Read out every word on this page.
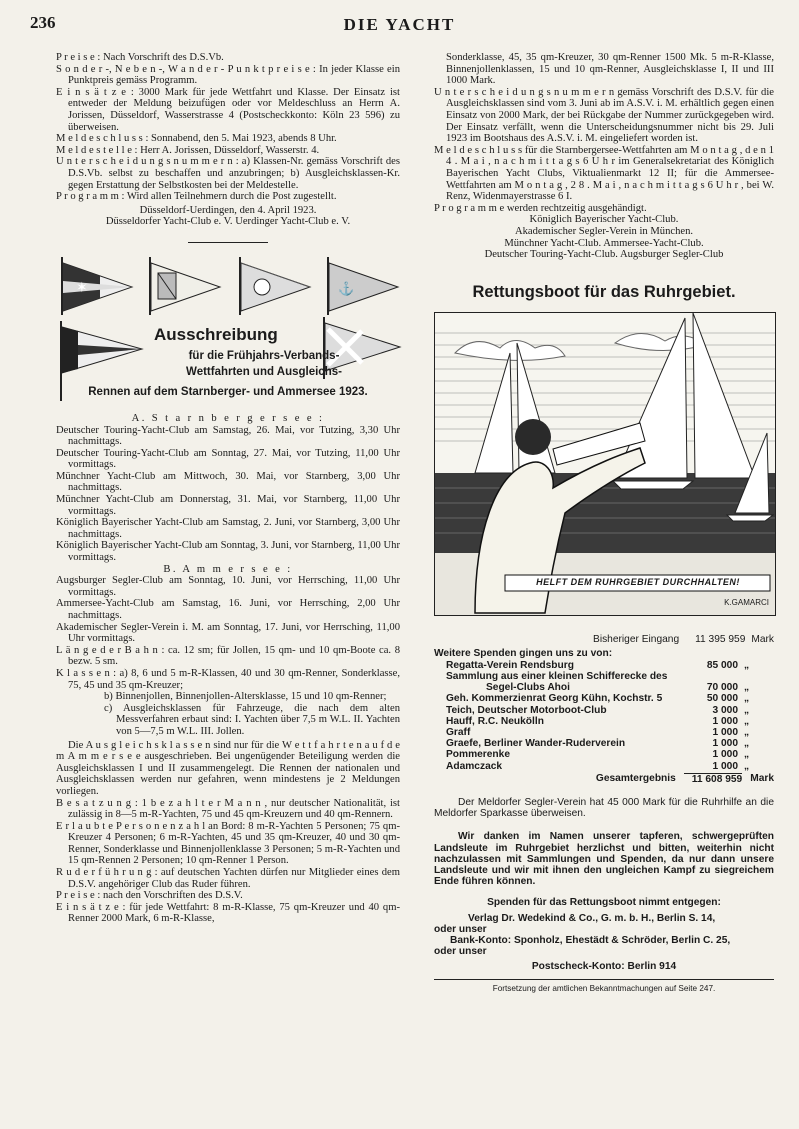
236	DIE YACHT

P r e i s e : Nach Vorschrift des D.S.Vb.

S o n d e r -, N e b e n -, W a n d e r - P u n k t p r e i s e : In jeder Klasse ein Punktpreis gemäss Programm.

E i n s ä t z e : 3000 Mark für jede Wettfahrt und Klasse. Der Einsatz ist entweder der Meldung beizufügen oder vor Meldeschluss an Herrn A. Jorissen, Düsseldorf, Wasserstrasse 4 (Postscheckkonto: Köln 23 596) zu überweisen.

M e l d e s c h l u s s : Sonnabend, den 5. Mai 1923, abends 8 Uhr.

M e l d e s t e l l e : Herr A. Jorissen, Düsseldorf, Wasserstr. 4.

U n t e r s c h e i d u n g s n u m m e r n : a) Klassen-Nr. gemäss Vorschrift des D.S.Vb. selbst zu beschaffen und anzubringen; b) Ausgleichsklassen-Kr. gegen Erstattung der Selbstkosten bei der Meldestelle.

P r o g r a m m : Wird allen Teilnehmern durch die Post zugestellt.

Düsseldorf-Uerdingen, den 4. April 1923.

Düsseldorfer Yacht-Club e. V. Uerdinger Yacht-Club e. V.

✶	⚓
Ausschreibung
für die Frühjahrs-Verbands-
Wettfahrten und Ausgleichs-
Rennen auf dem Starnberger- und Ammersee 1923.

A. S t a r n b e r g e r s e e :

Deutscher Touring-Yacht-Club am Samstag, 26. Mai, vor Tutzing, 3,30 Uhr nachmittags.

Deutscher Touring-Yacht-Club am Sonntag, 27. Mai, vor Tutzing, 11,00 Uhr vormittags.

Münchner Yacht-Club am Mittwoch, 30. Mai, vor Starnberg, 3,00 Uhr nachmittags.

Münchner Yacht-Club am Donnerstag, 31. Mai, vor Starnberg, 11,00 Uhr vormittags.

Königlich Bayerischer Yacht-Club am Samstag, 2. Juni, vor Starnberg, 3,00 Uhr nachmittags.

Königlich Bayerischer Yacht-Club am Sonntag, 3. Juni, vor Starnberg, 11,00 Uhr vormittags.

B. A m m e r s e e :

Augsburger Segler-Club am Sonntag, 10. Juni, vor Herrsching, 11,00 Uhr vormittags.

Ammersee-Yacht-Club am Samstag, 16. Juni, vor Herrsching, 2,00 Uhr nachmittags.

Akademischer Segler-Verein i. M. am Sonntag, 17. Juni, vor Herrsching, 11,00 Uhr vormittags.

L ä n g e d e r B a h n : ca. 12 sm; für Jollen, 15 qm- und 10 qm-Boote ca. 8 bezw. 5 sm.

K l a s s e n : a) 8, 6 und 5 m-R-Klassen, 40 und 30 qm-Renner, Sonderklasse, 75, 45 und 35 qm-Kreuzer;

b) Binnenjollen, Binnenjollen-Altersklasse, 15 und 10 qm-Renner;

c) Ausgleichsklassen für Fahrzeuge, die nach dem alten Messverfahren erbaut sind: I. Yachten über 7,5 m W.L. II. Yachten von 5—7,5 m W.L. III. Jollen.

Die A u s g l e i c h s k l a s s e n sind nur für die W e t t f a h r t e n a u f d e m A m m e r s e e ausgeschrieben. Bei ungenügender Beteiligung werden die Ausgleichsklassen I und II zusammengelegt. Die Rennen der nationalen und Ausgleichsklassen werden nur gefahren, wenn mindestens je 2 Meldungen vorliegen.

B e s a t z u n g : 1 b e z a h l t e r M a n n , nur deutscher Nationalität, ist zulässig in 8—5 m-R-Yachten, 75 und 45 qm-Kreuzern und 40 qm-Rennern.

E r l a u b t e P e r s o n e n z a h l an Bord: 8 m-R-Yachten 5 Personen; 75 qm-Kreuzer 4 Personen; 6 m-R-Yachten, 45 und 35 qm-Kreuzer, 40 und 30 qm-Renner, Sonderklasse und Binnenjollenklasse 3 Personen; 5 m-R-Yachten und 15 qm-Rennen 2 Personen; 10 qm-Renner 1 Person.

R u d e r f ü h r u n g : auf deutschen Yachten dürfen nur Mitglieder eines dem D.S.V. angehöriger Club das Ruder führen.

P r e i s e : nach den Vorschriften des D.S.V.

E i n s ä t z e : für jede Wettfahrt: 8 m-R-Klasse, 75 qm-Kreuzer und 40 qm-Renner 2000 Mark, 6 m-R-Klasse,

Sonderklasse, 45, 35 qm-Kreuzer, 30 qm-Renner 1500 Mk. 5 m-R-Klasse, Binnenjollenklassen, 15 und 10 qm-Renner, Ausgleichsklasse I, II und III 1000 Mark.

U n t e r s c h e i d u n g s n u m m e r n gemäss Vorschrift des D.S.V. für die Ausgleichsklassen sind vom 3. Juni ab im A.S.V. i. M. erhältlich gegen einen Einsatz von 2000 Mark, der bei Rückgabe der Nummer zurückgegeben wird. Der Einsatz verfällt, wenn die Unterscheidungsnummer nicht bis 29. Juli 1923 im Bootshaus des A.S.V. i. M. eingeliefert worden ist.

M e l d e s c h l u s s für die Starnbergersee-Wettfahrten am M o n t a g , d e n 1 4 . M a i , n a c h m i t t a g s 6 U h r im Generalsekretariat des Königlich Bayerischen Yacht Clubs, Viktualienmarkt 12 II; für die Ammersee-Wettfahrten am M o n t a g , 2 8 . M a i , n a c h m i t t a g s 6 U h r , bei W. Renz, Widenmayerstrasse 6 I.

P r o g r a m m e werden rechtzeitig ausgehändigt.

Königlich Bayerischer Yacht-Club.

Akademischer Segler-Verein in München.

Münchner Yacht-Club. Ammersee-Yacht-Club.

Deutscher Touring-Yacht-Club. Augsburger Segler-Club

Rettungsboot für das Ruhrgebiet.
HELFT DEM RUHRGEBIET DURCHHALTEN!
K.GAMARCI
Bisheriger Eingang	11 395 959 Mark
Weitere Spenden gingen uns zu von:
Regatta-Verein Rendsburg	85 000 „
Sammlung aus einer kleinen Schifferecke des
Segel-Clubs Ahoi	70 000 „
Geh. Kommerzienrat Georg Kühn, Kochstr. 5	50 000 „
Teich, Deutscher Motorboot-Club	3 000 „
Hauff, R.C. Neukölln	1 000 „
Graff	1 000 „
Graefe, Berliner Wander-Ruderverein	1 000 „
Pommerenke	1 000 „
Adamczack	1 000 „
Gesamtergebnis	11 608 959 Mark

Der Meldorfer Segler-Verein hat 45 000 Mark für die Ruhrhilfe an die Meldorfer Sparkasse überweisen.

Wir danken im Namen unserer tapferen, schwergeprüften Landsleute im Ruhrgebiet herzlichst und bitten, weiterhin nicht nachzulassen mit Sammlungen und Spenden, da nur dann unsere Landsleute und wir mit ihnen den ungleichen Kampf zu siegreichem Ende führen können.

Spenden für das Rettungsboot nimmt entgegen:

Verlag Dr. Wedekind & Co., G. m. b. H., Berlin S. 14,

oder unser

Bank-Konto: Sponholz, Ehestädt & Schröder, Berlin C. 25,

oder unser

Postscheck-Konto: Berlin 914

Fortsetzung der amtlichen Bekanntmachungen auf Seite 247.
